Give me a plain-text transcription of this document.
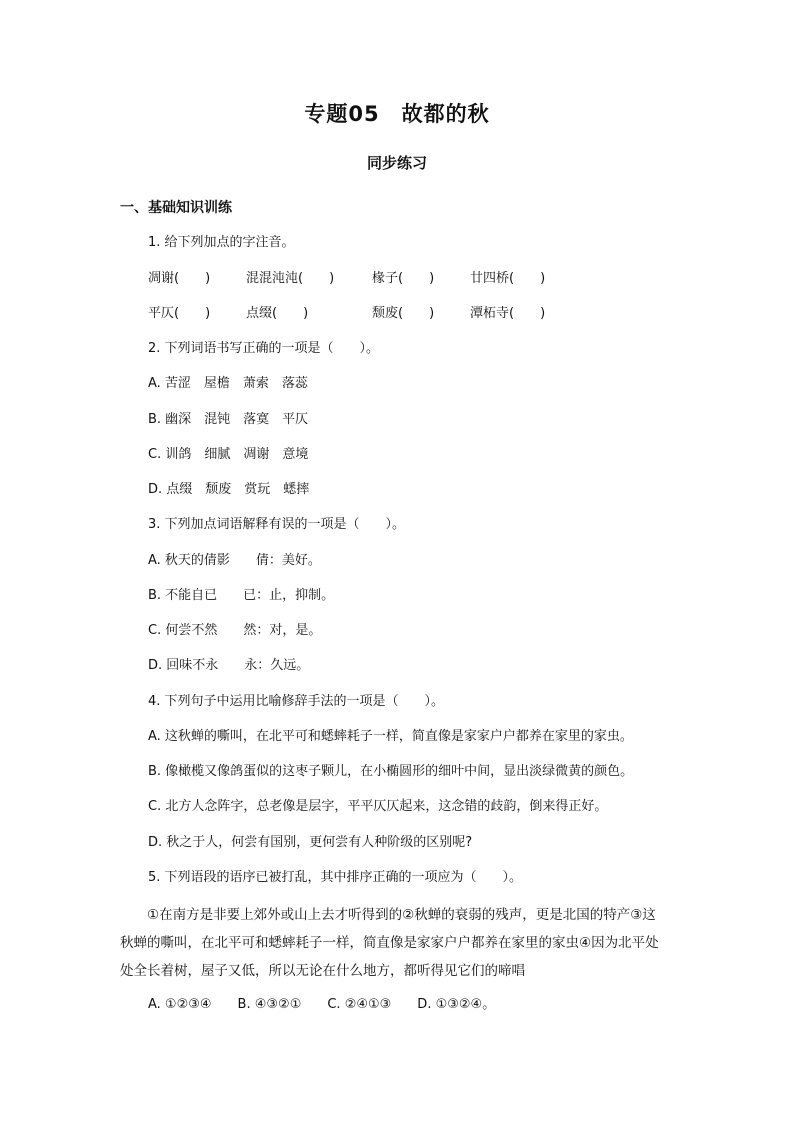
专题05　故都的秋
同步练习
一、基础知识训练
1. 给下列加点的字注音。
凋谢(　　)	混混沌沌(　　)	椽子(　　)	廿四桥(　　)
平仄(　　)	点缀(　　)	颓废(　　)	潭柘寺(　　)
2. 下列词语书写正确的一项是（　　）。
A. 苦涩　屋檐　萧索　落蕊
B. 幽深　混钝　落寞　平仄
C. 训鸽　细腻　凋谢　意境
D. 点缀　颓废　赏玩　蟋摔
3. 下列加点词语解释有误的一项是（　　）。
A. 秋天的倩影　　倩：美好。
B. 不能自已　　已：止，抑制。
C. 何尝不然　　然：对，是。
D. 回味不永　　永：久远。
4. 下列句子中运用比喻修辞手法的一项是（　　）。
A. 这秋蝉的嘶叫，在北平可和蟋蟀耗子一样，简直像是家家户户都养在家里的家虫。
B. 像橄榄又像鸽蛋似的这枣子颗儿，在小椭圆形的细叶中间，显出淡绿微黄的颜色。
C. 北方人念阵字，总老像是层字，平平仄仄起来，这念错的歧韵，倒来得正好。
D. 秋之于人，何尝有国别，更何尝有人种阶级的区别呢?
5. 下列语段的语序已被打乱，其中排序正确的一项应为（　　）。
　　①在南方是非要上郊外或山上去才听得到的②秋蝉的衰弱的残声，更是北国的特产③这
秋蝉的嘶叫，在北平可和蟋蟀耗子一样，简直像是家家户户都养在家里的家虫④因为北平处
处全长着树，屋子又低，所以无论在什么地方，都听得见它们的啼唱
A. ①②③④　　B. ④③②①　　C. ②④①③　　D. ①③②④。
